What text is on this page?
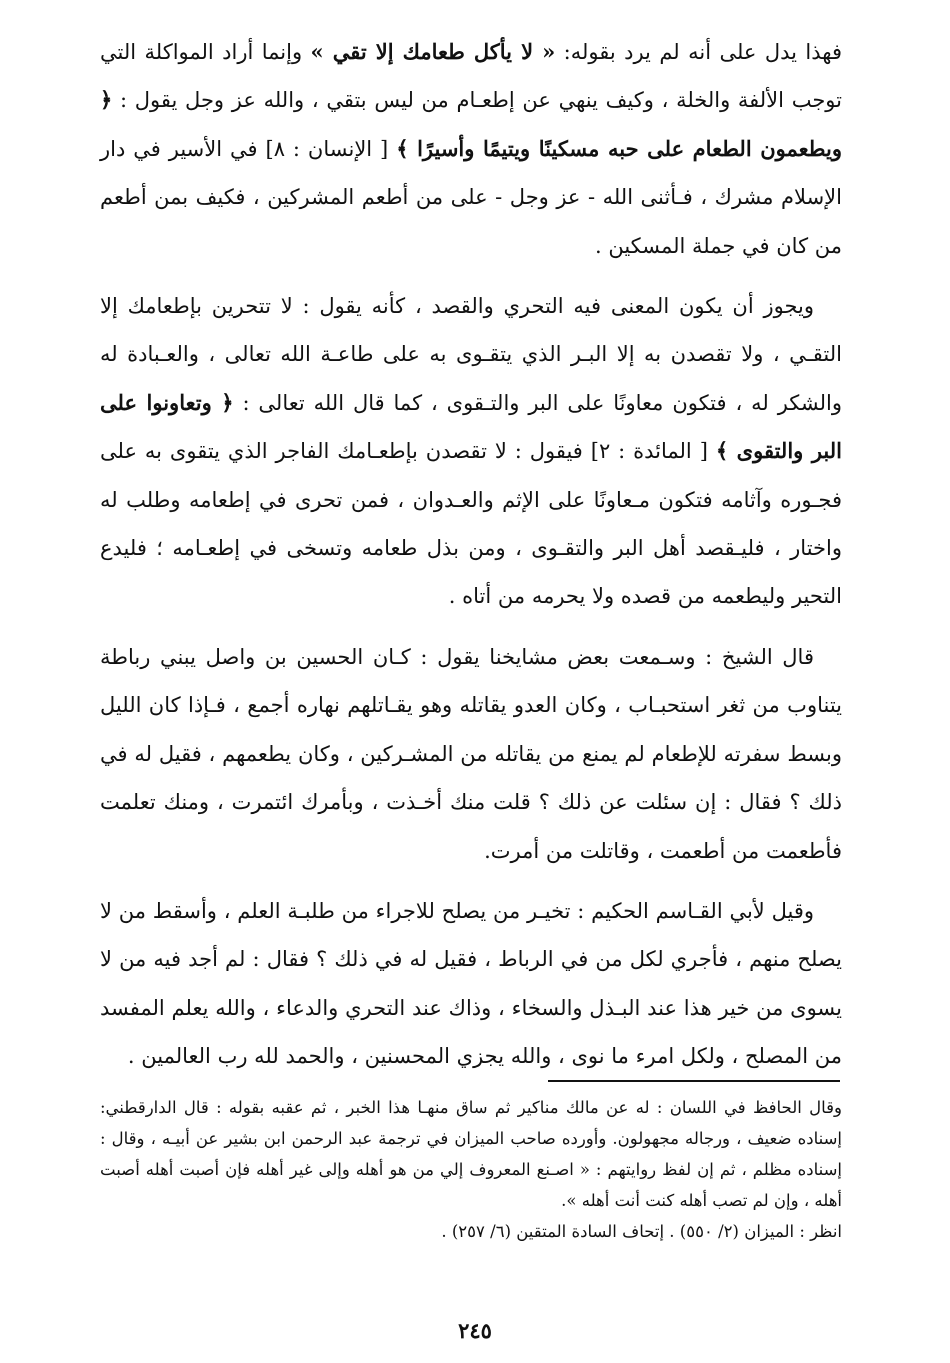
فهذا يدل على أنه لم يرد بقوله: « لا يأكل طعامك إلا تقي » وإنما أراد المواكلة التي توجب الألفة والخلة ، وكيف ينهي عن إطعـام من ليس بتقي ، والله عز وجل يقول : ﴿ ويطعمون الطعام على حبه مسكينًا ويتيمًا وأسيرًا ﴾ [ الإنسان : ٨] في الأسير في دار الإسلام مشرك ، فـأثنى الله - عز وجل - على من أطعم المشركين ، فكيف بمن أطعم من كان في جملة المسكين .

ويجوز أن يكون المعنى فيه التحري والقصد ، كأنه يقول : لا تتحرين بإطعامك إلا التقـي ، ولا تقصدن به إلا البـر الذي يتقـوى به على طاعـة الله تعالى ، والعـبادة له والشكر له ، فتكون معاونًا على البر والتـقوى ، كما قال الله تعالى : ﴿ وتعاونوا على البر والتقوى ﴾ [ المائدة : ٢] فيقول : لا تقصدن بإطعـامك الفاجر الذي يتقوى به على فجـوره وآثامه فتكون مـعاونًا على الإثم والعـدوان ، فمن تحرى في إطعامه وطلب له واختار ، فليـقصد أهل البر والتقـوى ، ومن بذل طعامه وتسخى في إطعـامه ؛ فليدع التحير وليطعمه من قصده ولا يحرمه من أتاه .

قال الشيخ : وسـمعت بعض مشايخنا يقول : كـان الحسين بن واصل يبني رباطة يتناوب من ثغر استحبـاب ، وكان العدو يقاتله وهو يقـاتلهم نهاره أجمع ، فـإذا كان الليل وبسط سفرته للإطعام لم يمنع من يقاتله من المشـركين ، وكان يطعمهم ، فقيل له في ذلك ؟ فقال : إن سئلت عن ذلك ؟ قلت منك أخـذت ، وبأمرك ائتمرت ، ومنك تعلمت فأطعمت من أطعمت ، وقاتلت من أمرت.

وقيل لأبي القـاسم الحكيم : تخيـر من يصلح للاجراء من طلبـة العلم ، وأسقط من لا يصلح منهم ، فأجري لكل من في الرباط ، فقيل له في ذلك ؟ فقال : لم أجد فيه من لا يسوى من خير هذا عند البـذل والسخاء ، وذاك عند التحري والدعاء ، والله يعلم المفسد من المصلح ، ولكل امرء ما نوى ، والله يجزي المحسنين ، والحمد لله رب العالمين .

وقال الحافظ في اللسان : له عن مالك مناكير ثم ساق منهـا هذا الخبر ، ثم عقبه بقوله : قال الدارقطني: إسناده ضعيف ، ورجاله مجهولون. وأورده صاحب الميزان في ترجمة عبد الرحمن ابن بشير عن أبيـه ، وقال : إسناده مظلم ، ثم إن لفظ روايتهم : « اصـنع المعروف إلي من هو أهله وإلى غير أهله فإن أصبت أهله أصبت أهله ، وإن لم تصب أهله كنت أنت أهله ».

انظر : الميزان (٢/ ٥٥٠) . إتحاف السادة المتقين (٦/ ٢٥٧) .

٢٤٥
